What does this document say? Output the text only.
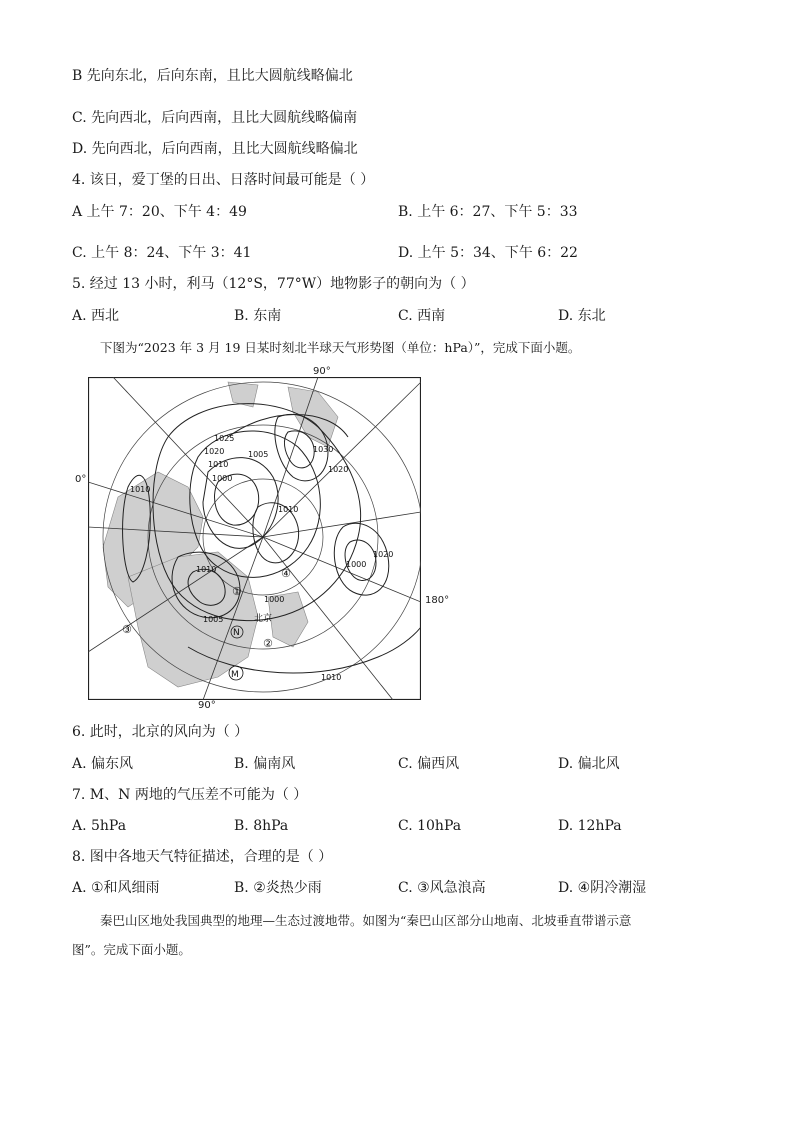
B 先向东北，后向东南，且比大圆航线略偏北
C. 先向西北，后向西南，且比大圆航线略偏南
D. 先向西北，后向西南，且比大圆航线略偏北
4. 该日，爱丁堡的日出、日落时间最可能是（ ）
A 上午 7：20、下午 4：49	B. 上午 6：27、下午 5：33
C. 上午 8：24、下午 3：41	D. 上午 5：34、下午 6：22
5. 经过 13 小时，利马（12°S，77°W）地物影子的朝向为（ ）
A. 西北	B. 东南	C. 西南	D. 东北
下图为“2023 年 3 月 19 日某时刻北半球天气形势图（单位：hPa）”，完成下面小题。
90°
0°
180°
90°
1025
1020
1010
1000
1005
1030
1020
1010
1000
1020
1010
1005
1000
1010
1010
①
②
③
④
N
M
北京
6. 此时，北京的风向为（ ）
A. 偏东风	B. 偏南风	C. 偏西风	D. 偏北风
7. M、N 两地的气压差不可能为（ ）
A. 5hPa	B. 8hPa	C. 10hPa	D. 12hPa
8. 图中各地天气特征描述，合理的是（ ）
A. ①和风细雨	B. ②炎热少雨	C. ③风急浪高	D. ④阴冷潮湿
秦巴山区地处我国典型的地理—生态过渡地带。如图为“秦巴山区部分山地南、北坡垂直带谱示意
图”。完成下面小题。
